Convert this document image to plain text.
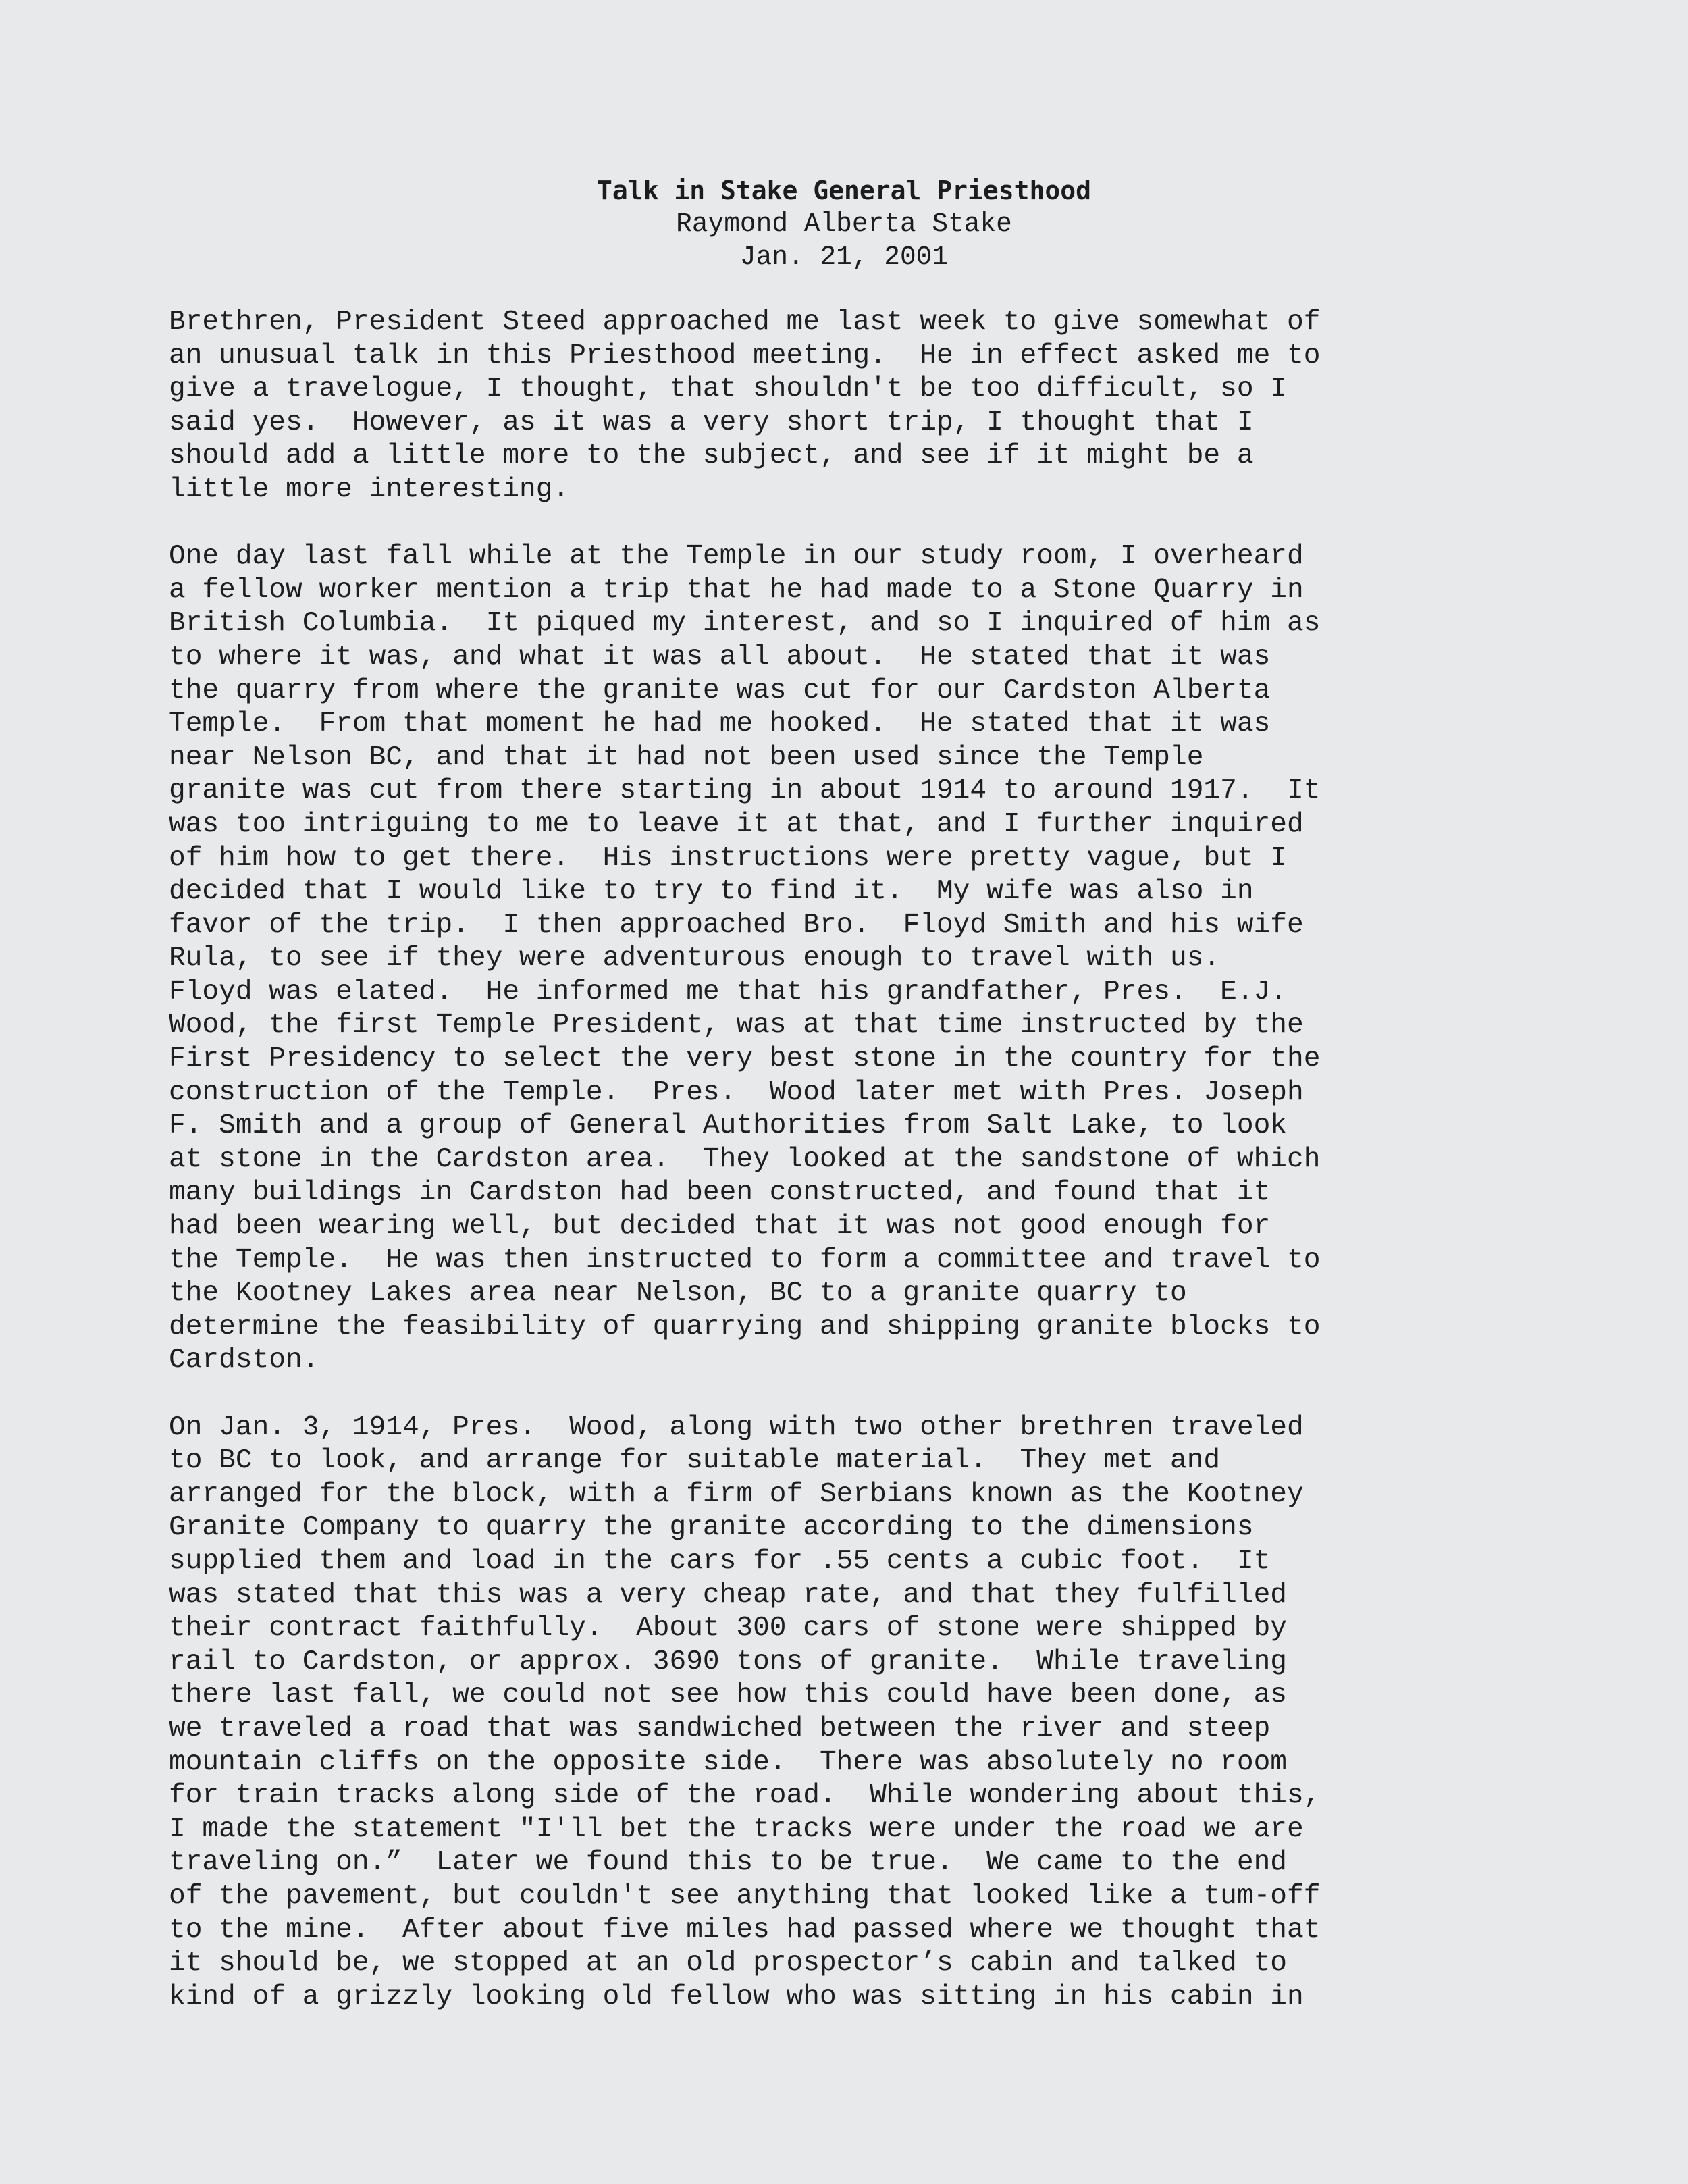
Talk in Stake General Priesthood
Raymond Alberta Stake
Jan. 21, 2001
Brethren, President Steed approached me last week to give somewhat of
an unusual talk in this Priesthood meeting.  He in effect asked me to
give a travelogue, I thought, that shouldn't be too difficult, so I
said yes.  However, as it was a very short trip, I thought that I
should add a little more to the subject, and see if it might be a
little more interesting.
One day last fall while at the Temple in our study room, I overheard
a fellow worker mention a trip that he had made to a Stone Quarry in
British Columbia.  It piqued my interest, and so I inquired of him as
to where it was, and what it was all about.  He stated that it was
the quarry from where the granite was cut for our Cardston Alberta
Temple.  From that moment he had me hooked.  He stated that it was
near Nelson BC, and that it had not been used since the Temple
granite was cut from there starting in about 1914 to around 1917.  It
was too intriguing to me to leave it at that, and I further inquired
of him how to get there.  His instructions were pretty vague, but I
decided that I would like to try to find it.  My wife was also in
favor of the trip.  I then approached Bro.  Floyd Smith and his wife
Rula, to see if they were adventurous enough to travel with us.
Floyd was elated.  He informed me that his grandfather, Pres.  E.J.
Wood, the first Temple President, was at that time instructed by the
First Presidency to select the very best stone in the country for the
construction of the Temple.  Pres.  Wood later met with Pres. Joseph
F. Smith and a group of General Authorities from Salt Lake, to look
at stone in the Cardston area.  They looked at the sandstone of which
many buildings in Cardston had been constructed, and found that it
had been wearing well, but decided that it was not good enough for
the Temple.  He was then instructed to form a committee and travel to
the Kootney Lakes area near Nelson, BC to a granite quarry to
determine the feasibility of quarrying and shipping granite blocks to
Cardston.
On Jan. 3, 1914, Pres.  Wood, along with two other brethren traveled
to BC to look, and arrange for suitable material.  They met and
arranged for the block, with a firm of Serbians known as the Kootney
Granite Company to quarry the granite according to the dimensions
supplied them and load in the cars for .55 cents a cubic foot.  It
was stated that this was a very cheap rate, and that they fulfilled
their contract faithfully.  About 300 cars of stone were shipped by
rail to Cardston, or approx. 3690 tons of granite.  While traveling
there last fall, we could not see how this could have been done, as
we traveled a road that was sandwiched between the river and steep
mountain cliffs on the opposite side.  There was absolutely no room
for train tracks along side of the road.  While wondering about this,
I made the statement "I'll bet the tracks were under the road we are
traveling on.”  Later we found this to be true.  We came to the end
of the pavement, but couldn't see anything that looked like a tum-off
to the mine.  After about five miles had passed where we thought that
it should be, we stopped at an old prospector’s cabin and talked to
kind of a grizzly looking old fellow who was sitting in his cabin in
